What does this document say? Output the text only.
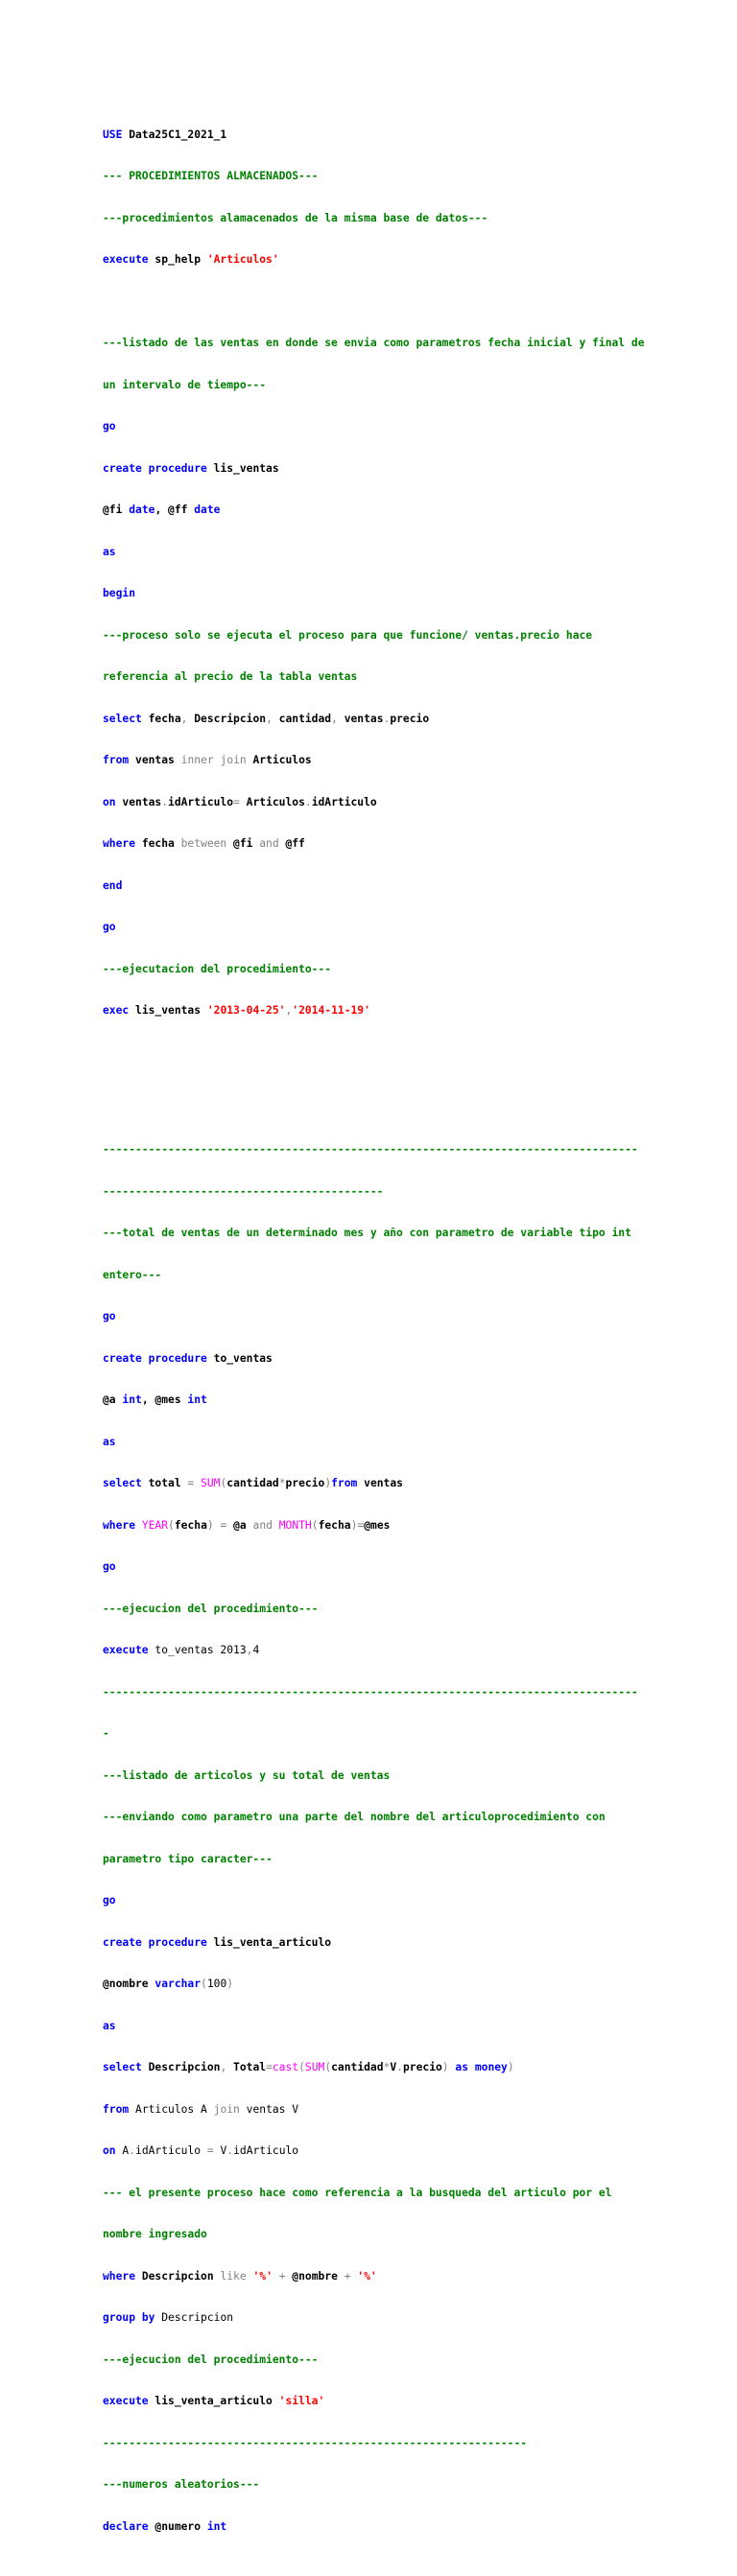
USE Data25C1_2021_1

--- PROCEDIMIENTOS ALMACENADOS---

---procedimientos alamacenados de la misma base de datos---

execute sp_help 'Articulos'

---listado de las ventas en donde se envia como parametros fecha inicial y final de

un intervalo de tiempo---

go

create procedure lis_ventas

@fi date, @ff date

as

begin

---proceso solo se ejecuta el proceso para que funcione/ ventas.precio hace

referencia al precio de la tabla ventas

select fecha, Descripcion, cantidad, ventas.precio

from ventas inner join Articulos

on ventas.idArticulo= Articulos.idArticulo

where fecha between @fi and @ff

end

go

---ejecutacion del procedimiento---

exec lis_ventas '2013-04-25','2014-11-19'

----------------------------------------------------------------------------------

-------------------------------------------

---total de ventas de un determinado mes y año con parametro de variable tipo int

entero---

go

create procedure to_ventas

@a int, @mes int

as

select total = SUM(cantidad*precio)from ventas

where YEAR(fecha) = @a and MONTH(fecha)=@mes

go

---ejecucion del procedimiento---

execute to_ventas 2013,4

----------------------------------------------------------------------------------

-

---listado de articolos y su total de ventas

---enviando como parametro una parte del nombre del articuloprocedimiento con

parametro tipo caracter---

go

create procedure lis_venta_articulo

@nombre varchar(100)

as

select Descripcion, Total=cast(SUM(cantidad*V.precio) as money)

from Articulos A join ventas V

on A.idArticulo = V.idArticulo

--- el presente proceso hace como referencia a la busqueda del articulo por el

nombre ingresado

where Descripcion like '%' + @nombre + '%'

group by Descripcion

---ejecucion del procedimiento---

execute lis_venta_articulo 'silla'

-----------------------------------------------------------------

---numeros aleatorios---

declare @numero int
